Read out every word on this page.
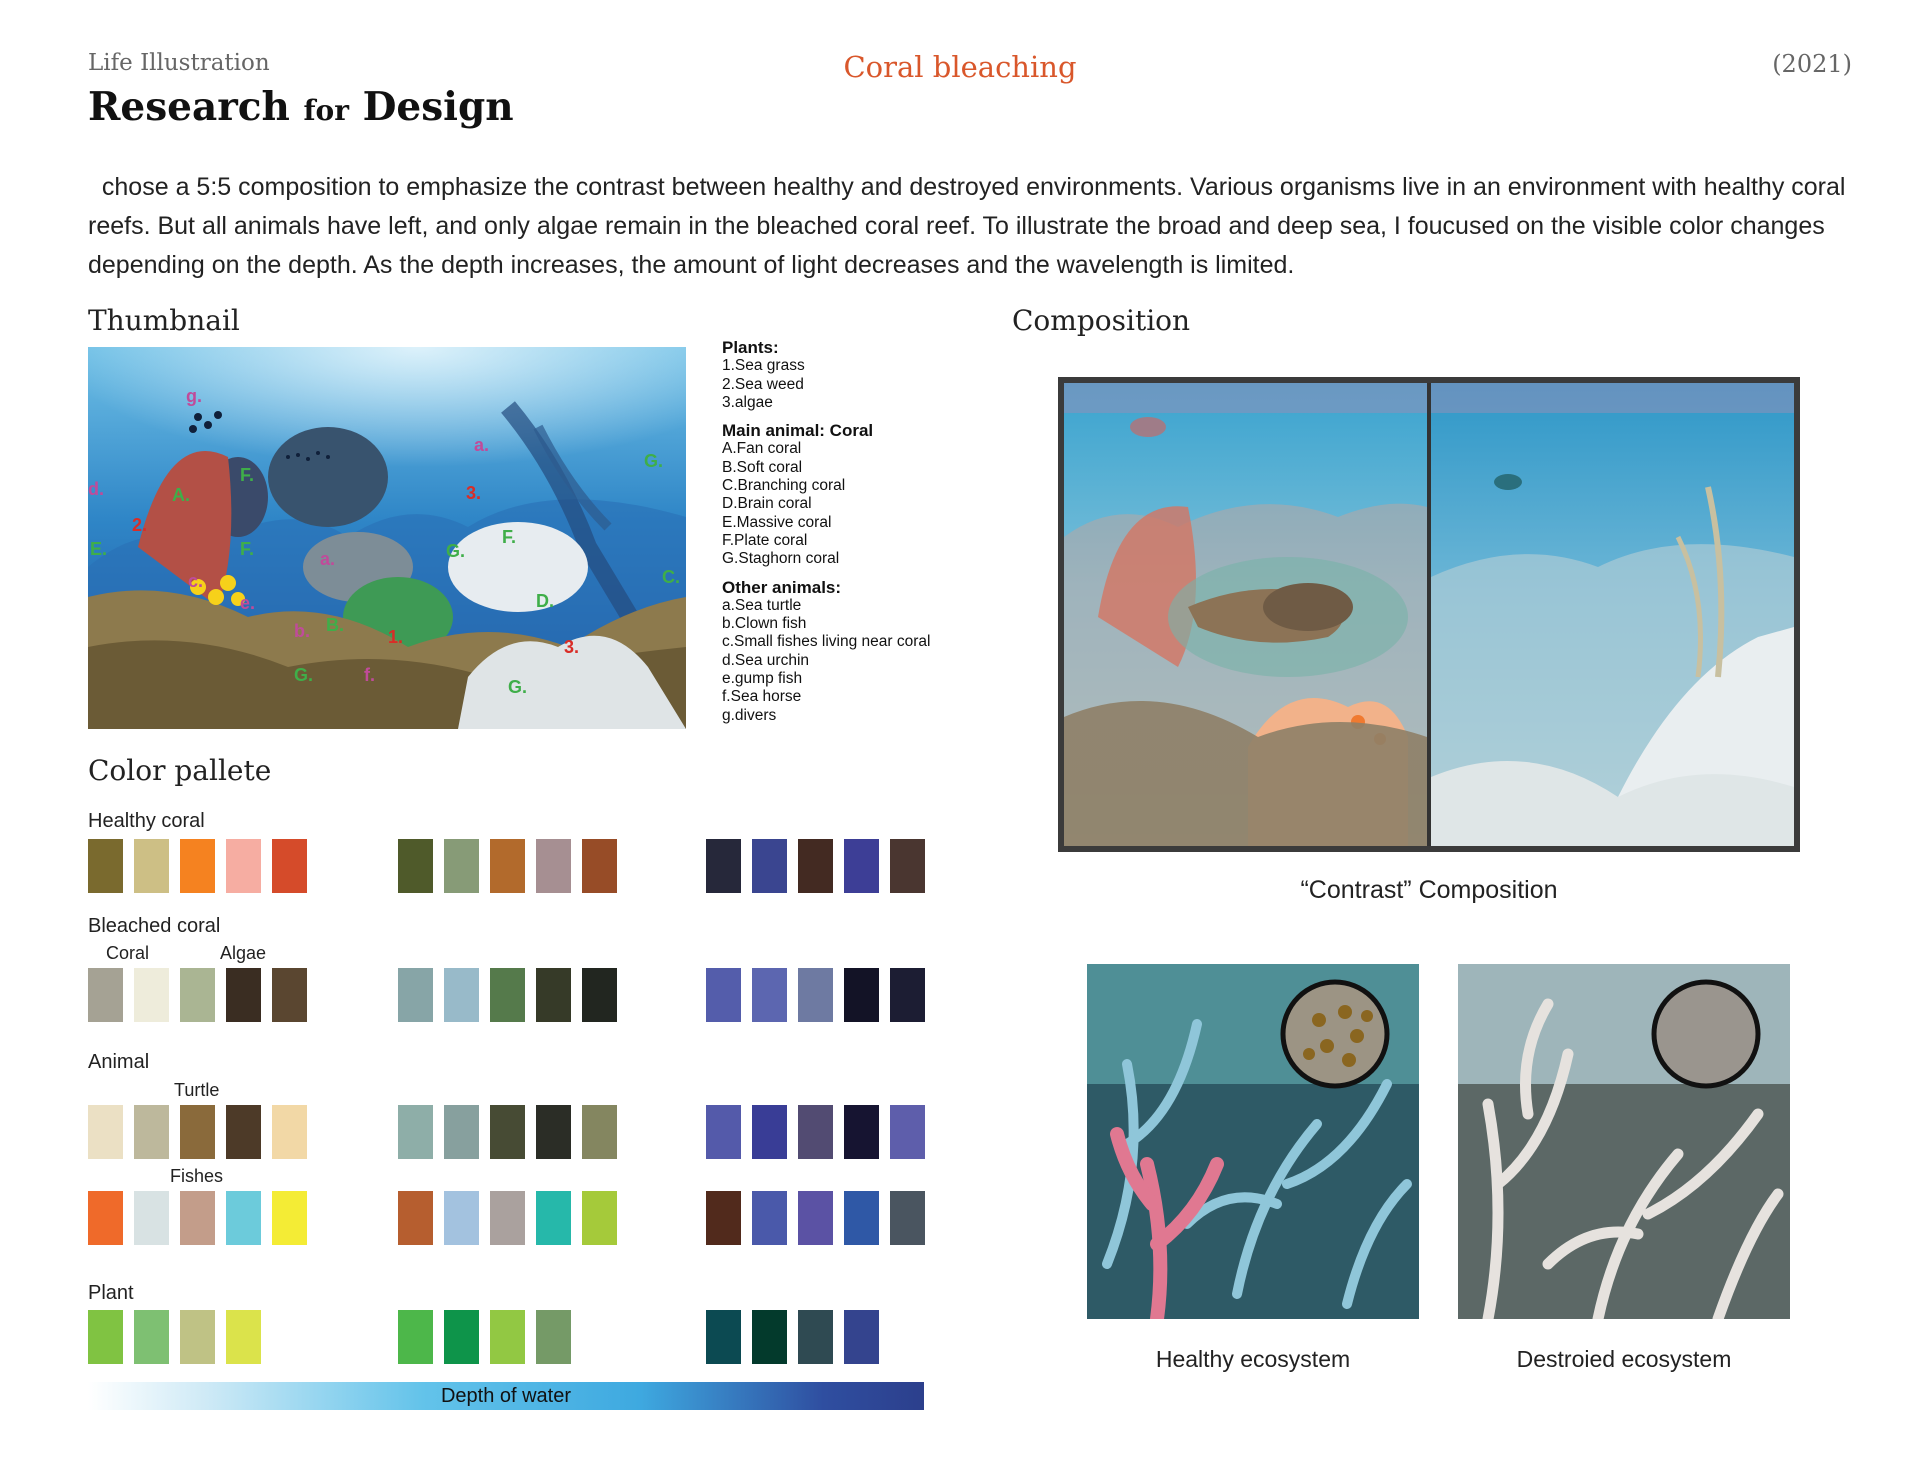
Life Illustration
Research for Design
Coral bleaching	(2021)
chose a 5:5 composition to emphasize the contrast between healthy and destroyed environments. Various organisms live in an environment with healthy coral reefs. But all animals have left, and only algae remain in the bleached coral reef. To illustrate the broad and deep sea, I foucused on the visible color changes depending on the depth. As the depth increases, the amount of light decreases and the wavelength is limited.
Thumbnail	Composition
Color pallete
g.
A.
F.
2.
E.	F.
d.
a.
c.
e.
b. B.
1.
G.	f.
a.
3.
G.
F.
G.
D.
C.
3.
G.
Plants:
1.Sea grass
2.Sea weed
3.algae
Main animal: Coral
A.Fan coral
B.Soft coral
C.Branching coral
D.Brain coral
E.Massive coral
F.Plate coral
G.Staghorn coral
Other animals:
a.Sea turtle
b.Clown fish
c.Small fishes living near coral
d.Sea urchin
e.gump fish
f.Sea horse
g.divers
Healthy coral
Bleached coral
Coral	Algae
Animal
Turtle
Fishes
Plant
Depth of water
“Contrast” Composition
Healthy ecosystem	Destroied ecosystem
